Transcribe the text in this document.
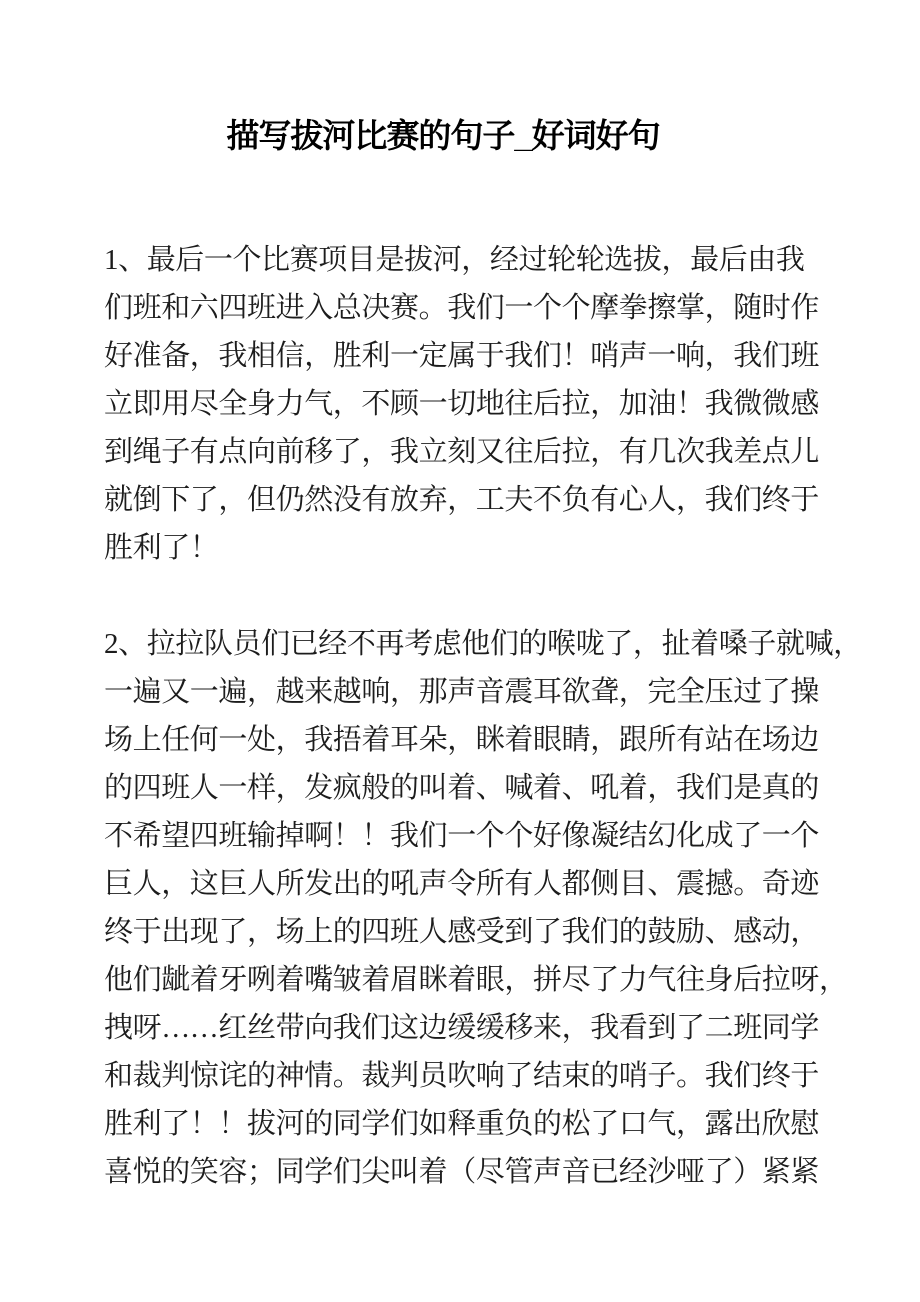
描写拔河比赛的句子_好词好句
1、最后一个比赛项目是拔河，经过轮轮选拔，最后由我
们班和六四班进入总决赛。我们一个个摩拳擦掌，随时作
好准备，我相信，胜利一定属于我们！哨声一响，我们班
立即用尽全身力气，不顾一切地往后拉，加油！我微微感
到绳子有点向前移了，我立刻又往后拉，有几次我差点儿
就倒下了，但仍然没有放弃，工夫不负有心人，我们终于
胜利了！
2、拉拉队员们已经不再考虑他们的喉咙了，扯着嗓子就喊，
一遍又一遍，越来越响，那声音震耳欲聋，完全压过了操
场上任何一处，我捂着耳朵，眯着眼睛，跟所有站在场边
的四班人一样，发疯般的叫着、喊着、吼着，我们是真的
不希望四班输掉啊！！我们一个个好像凝结幻化成了一个
巨人，这巨人所发出的吼声令所有人都侧目、震撼。奇迹
终于出现了，场上的四班人感受到了我们的鼓励、感动，
他们龇着牙咧着嘴皱着眉眯着眼，拼尽了力气往身后拉呀，
拽呀……红丝带向我们这边缓缓移来，我看到了二班同学
和裁判惊诧的神情。裁判员吹响了结束的哨子。我们终于
胜利了！！拔河的同学们如释重负的松了口气，露出欣慰
喜悦的笑容；同学们尖叫着（尽管声音已经沙哑了）紧紧
